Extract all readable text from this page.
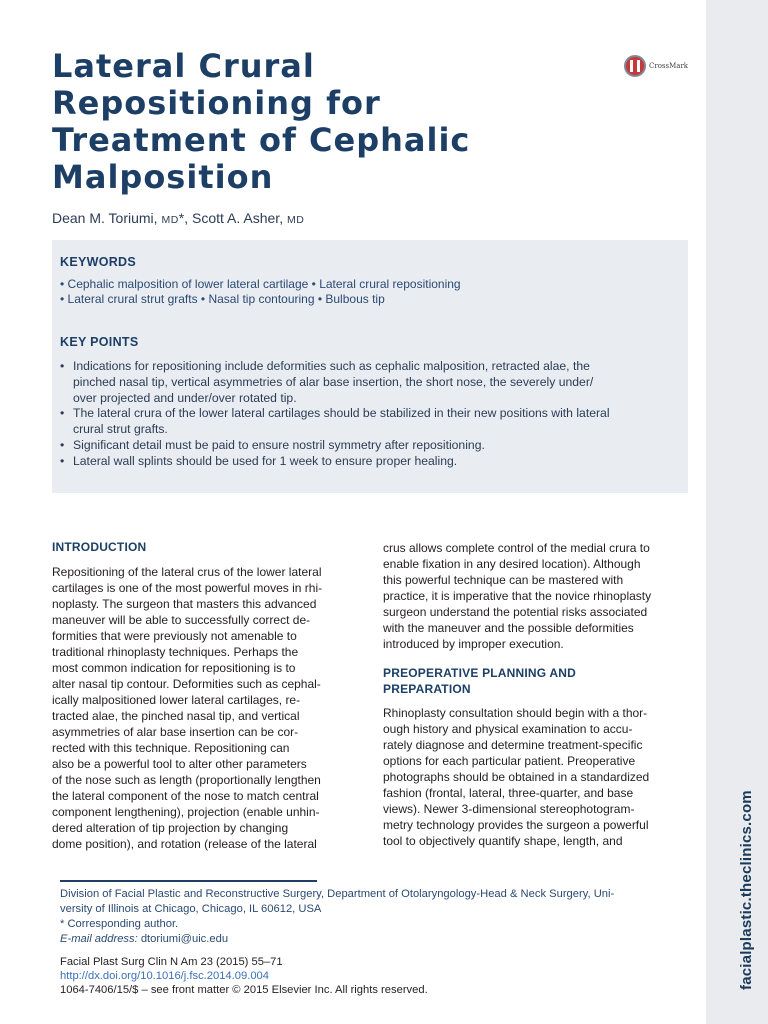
facialplastic.theclinics.com
Lateral Crural
Repositioning for
Treatment of Cephalic
Malposition
CrossMark
Dean M. Toriumi, MD*, Scott A. Asher, MD
KEYWORDS
• Cephalic malposition of lower lateral cartilage • Lateral crural repositioning
• Lateral crural strut grafts • Nasal tip contouring • Bulbous tip
KEY POINTS
• Indications for repositioning include deformities such as cephalic malposition, retracted alae, the
pinched nasal tip, vertical asymmetries of alar base insertion, the short nose, the severely under/
over projected and under/over rotated tip.
• The lateral crura of the lower lateral cartilages should be stabilized in their new positions with lateral
crural strut grafts.
• Significant detail must be paid to ensure nostril symmetry after repositioning.
• Lateral wall splints should be used for 1 week to ensure proper healing.
INTRODUCTION
Repositioning of the lateral crus of the lower lateral
cartilages is one of the most powerful moves in rhi-
noplasty. The surgeon that masters this advanced
maneuver will be able to successfully correct de-
formities that were previously not amenable to
traditional rhinoplasty techniques. Perhaps the
most common indication for repositioning is to
alter nasal tip contour. Deformities such as cephal-
ically malpositioned lower lateral cartilages, re-
tracted alae, the pinched nasal tip, and vertical
asymmetries of alar base insertion can be cor-
rected with this technique. Repositioning can
also be a powerful tool to alter other parameters
of the nose such as length (proportionally lengthen
the lateral component of the nose to match central
component lengthening), projection (enable unhin-
dered alteration of tip projection by changing
dome position), and rotation (release of the lateral
crus allows complete control of the medial crura to
enable fixation in any desired location). Although
this powerful technique can be mastered with
practice, it is imperative that the novice rhinoplasty
surgeon understand the potential risks associated
with the maneuver and the possible deformities
introduced by improper execution.
PREOPERATIVE PLANNING AND
PREPARATION
Rhinoplasty consultation should begin with a thor-
ough history and physical examination to accu-
rately diagnose and determine treatment-specific
options for each particular patient. Preoperative
photographs should be obtained in a standardized
fashion (frontal, lateral, three-quarter, and base
views). Newer 3-dimensional stereophotogram-
metry technology provides the surgeon a powerful
tool to objectively quantify shape, length, and
Division of Facial Plastic and Reconstructive Surgery, Department of Otolaryngology-Head & Neck Surgery, Uni-
versity of Illinois at Chicago, Chicago, IL 60612, USA
* Corresponding author.
E-mail address: dtoriumi@uic.edu
Facial Plast Surg Clin N Am 23 (2015) 55–71
http://dx.doi.org/10.1016/j.fsc.2014.09.004
1064-7406/15/$ – see front matter © 2015 Elsevier Inc. All rights reserved.
